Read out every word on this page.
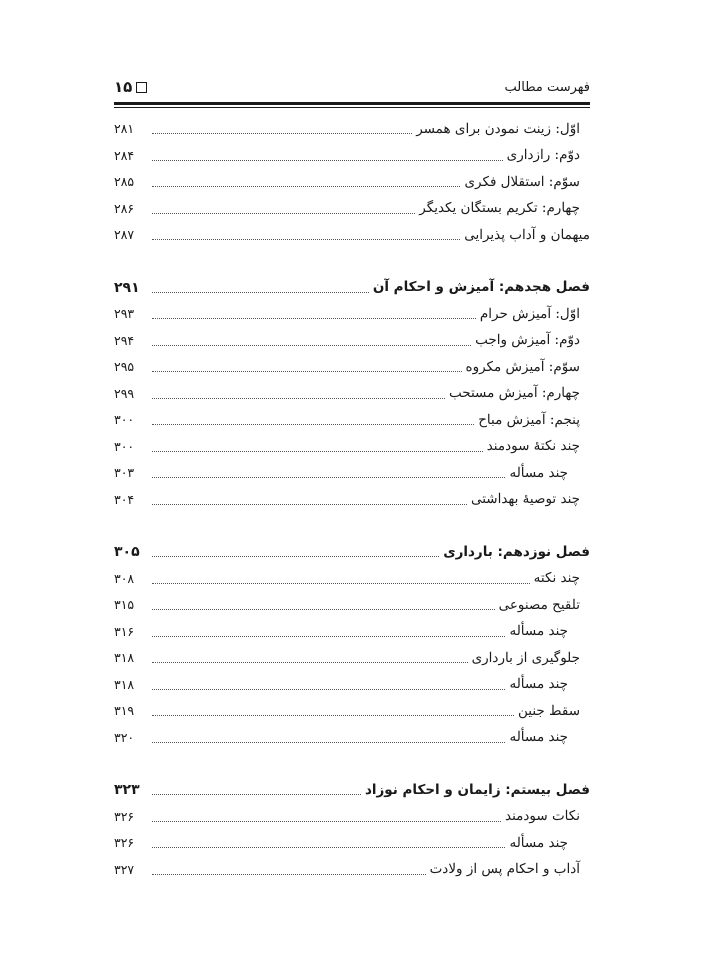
فهرست مطالب
۱۵
اوّل: زینت نمودن برای همسر
۲۸۱
دوّم: رازداری
۲۸۴
سوّم: استقلال فکری
۲۸۵
چهارم: تکریم بستگان یکدیگر
۲۸۶
میهمان و آداب پذیرایی
۲۸۷
فصل هجدهم: آمیزش و احکام آن
۲۹۱
اوّل: آمیزش حرام
۲۹۳
دوّم: آمیزش واجب
۲۹۴
سوّم: آمیزش مکروه
۲۹۵
چهارم: آمیزش مستحب
۲۹۹
پنجم: آمیزش مباح
۳۰۰
چند نکتهٔ سودمند
۳۰۰
چند مسأله
۳۰۳
چند توصیهٔ بهداشتی
۳۰۴
فصل نوزدهم: بارداری
۳۰۵
چند نکته
۳۰۸
تلقیح مصنوعی
۳۱۵
چند مسأله
۳۱۶
جلوگیری از بارداری
۳۱۸
چند مسأله
۳۱۸
سقط جنین
۳۱۹
چند مسأله
۳۲۰
فصل بیستم: زایمان و احکام نوزاد
۳۲۳
نکات سودمند
۳۲۶
چند مسأله
۳۲۶
آداب و احکام پس از ولادت
۳۲۷
